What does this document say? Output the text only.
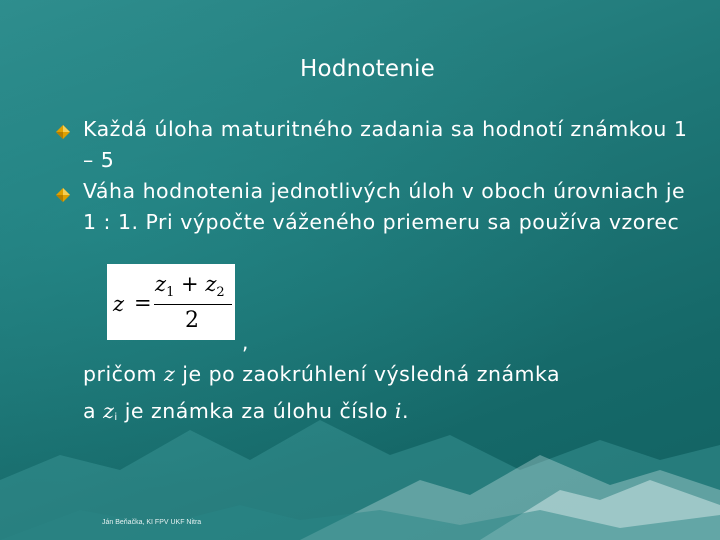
Hodnotenie
Každá úloha maturitného zadania sa hodnotí známkou 1 – 5
Váha hodnotenia jednotlivých úloh v oboch úrovniach je 1 : 1. Pri výpočte váženého priemeru sa používa vzorec
z =
$z_1 + z_2$
2
,
pričom z je po zaokrúhlení výsledná známka
a zi je známka za úlohu číslo i.
Ján Beňačka, KI FPV UKF Nitra
